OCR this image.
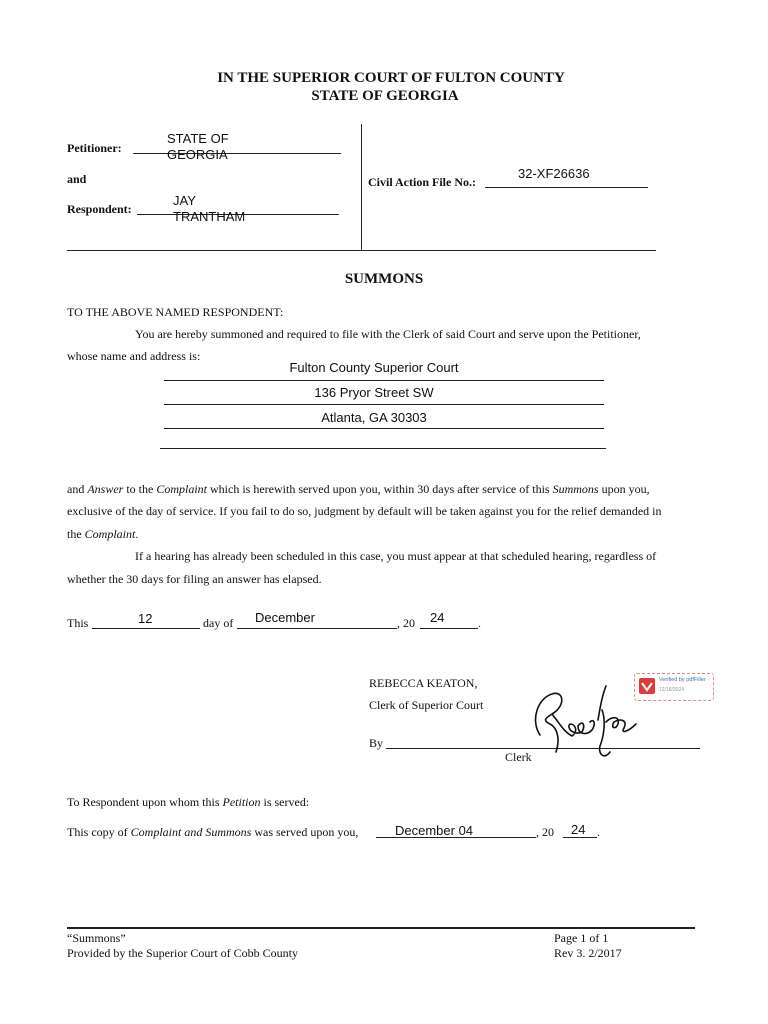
IN THE SUPERIOR COURT OF FULTON COUNTY
STATE OF GEORGIA
Petitioner:
STATE OF
GEORGIA
and
Respondent:
JAY
TRANTHAM
Civil Action File No.:
32-XF26636
SUMMONS
TO THE ABOVE NAMED RESPONDENT:
You are hereby summoned and required to file with the Clerk of said Court and serve upon the Petitioner,
whose name and address is:
Fulton County Superior Court
136 Pryor Street SW
Atlanta, GA 30303
and Answer to the Complaint which is herewith served upon you, within 30 days after service of this Summons upon you,
exclusive of the day of service. If you fail to do so, judgment by default will be taken against you for the relief demanded in
the Complaint.
If a hearing has already been scheduled in this case, you must appear at that scheduled hearing, regardless of
whether the 30 days for filing an answer has elapsed.
This	12	day of December	, 20 24	.
REBECCA KEATON,
Clerk of Superior Court
By
Clerk
Verified by pdfFiller
12/18/2024
To Respondent upon whom this Petition is served:
This copy of Complaint and Summons was served upon you,	December 04	, 20 24 .
“Summons”
Provided by the Superior Court of Cobb County
Page 1 of 1
Rev 3. 2/2017
